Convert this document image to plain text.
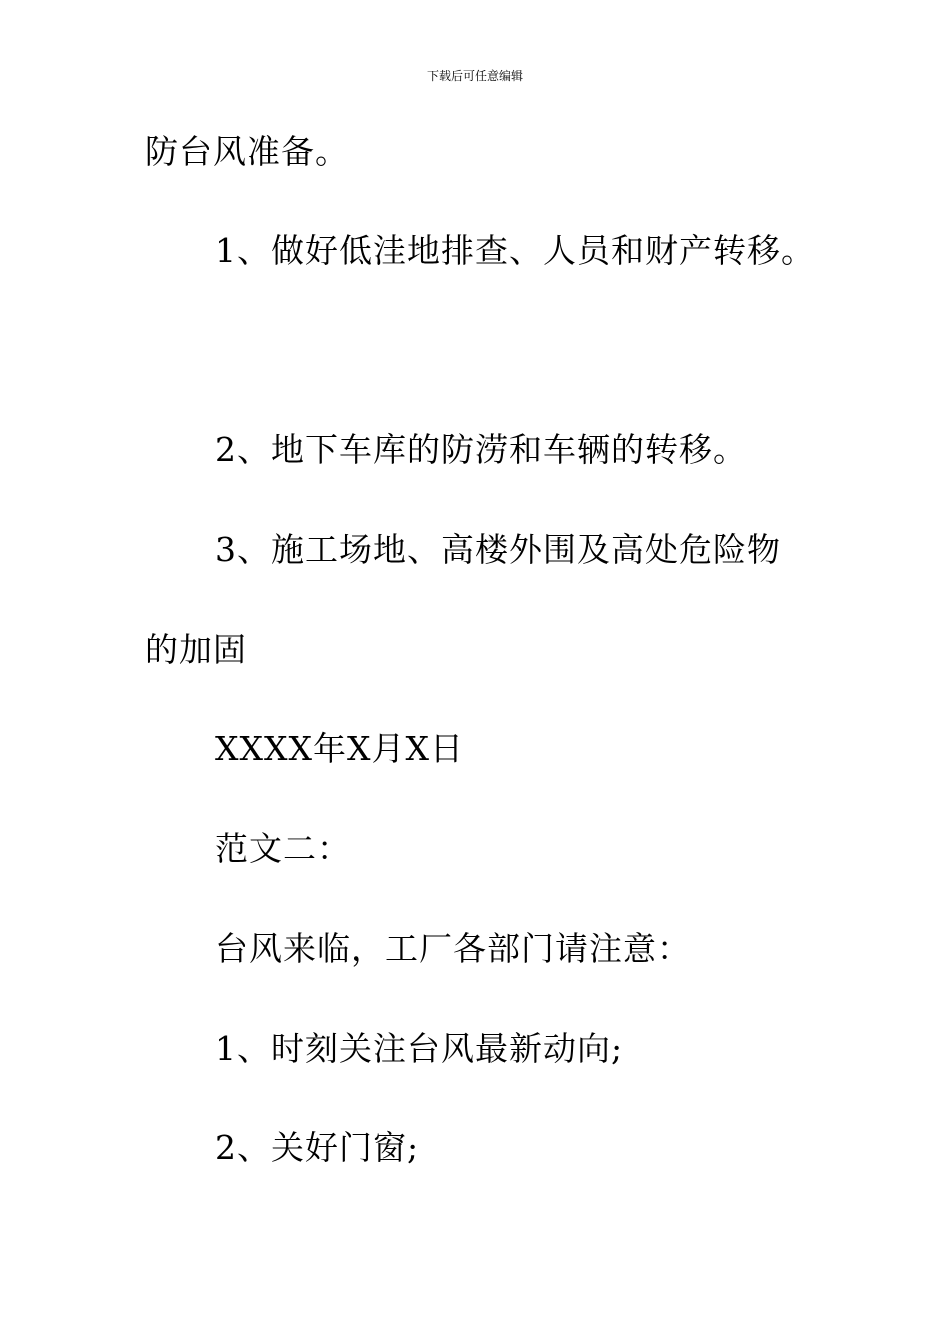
下载后可任意编辑
防台风准备。
1、做好低洼地排查、人员和财产转移。
2、地下车库的防涝和车辆的转移。
3、施工场地、高楼外围及高处危险物
的加固
XXXX年X月X日
范文二：
台风来临，工厂各部门请注意：
1、时刻关注台风最新动向;
2、关好门窗;
